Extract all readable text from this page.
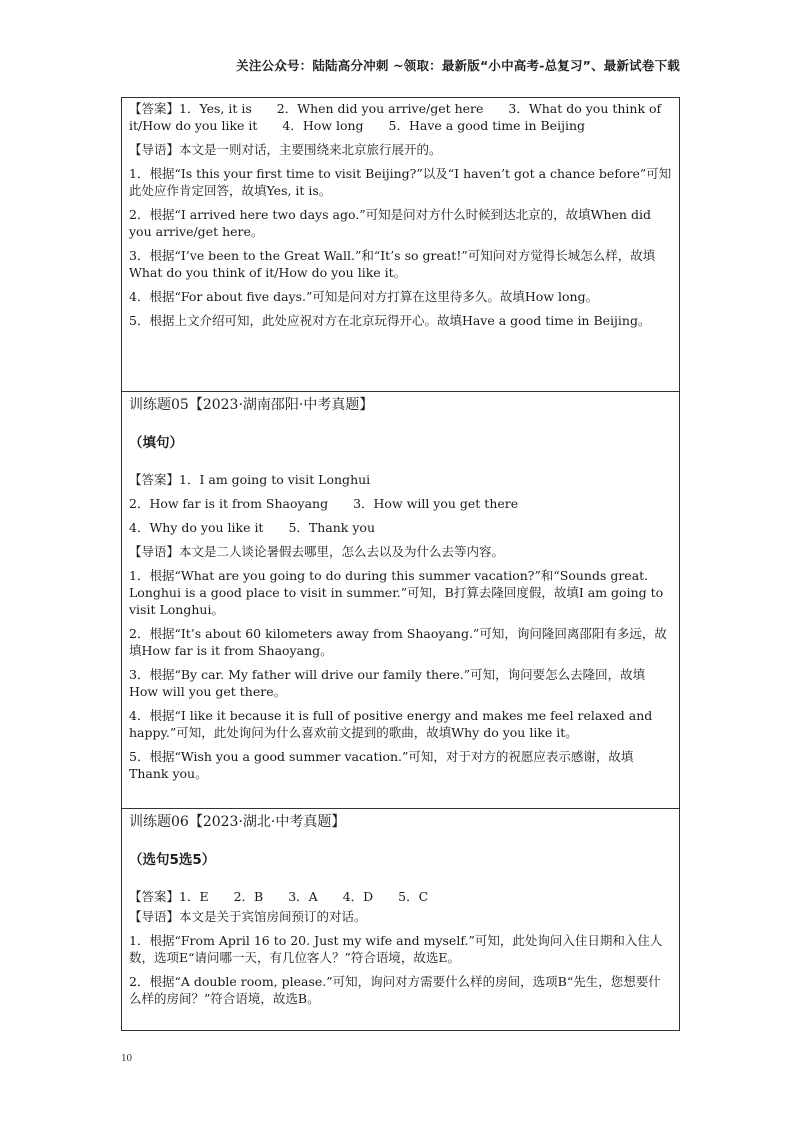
关注公众号：陆陆高分冲刺 ~领取：最新版“小中高考-总复习”、最新试卷下载

【答案】1．Yes, it is　　2．When did you arrive/get here　　3．What do you think of it/How do you like it　　4．How long　　5．Have a good time in Beijing

【导语】本文是一则对话，主要围绕来北京旅行展开的。

1．根据“Is this your first time to visit Beijing?”以及“I haven’t got a chance before”可知此处应作肯定回答，故填Yes, it is。

2．根据“I arrived here two days ago.”可知是问对方什么时候到达北京的，故填When did you arrive/get here。

3．根据“I’ve been to the Great Wall.”和“It’s so great!”可知问对方觉得长城怎么样，故填What do you think of it/How do you like it。

4．根据“For about five days.”可知是问对方打算在这里待多久。故填How long。

5．根据上文介绍可知，此处应祝对方在北京玩得开心。故填Have a good time in Beijing。

训练题05【2023·湖南邵阳·中考真题】

（填句）

【答案】1．I am going to visit Longhui

2．How far is it from Shaoyang　　3．How will you get there

4．Why do you like it　　5．Thank you

【导语】本文是二人谈论暑假去哪里，怎么去以及为什么去等内容。

1．根据“What are you going to do during this summer vacation?”和“Sounds great. Longhui is a good place to visit in summer.”可知，B打算去隆回度假，故填I am going to visit Longhui。

2．根据“It’s about 60 kilometers away from Shaoyang.”可知，询问隆回离邵阳有多远，故填How far is it from Shaoyang。

3．根据“By car. My father will drive our family there.”可知，询问要怎么去隆回，故填How will you get there。

4．根据“I like it because it is full of positive energy and makes me feel relaxed and happy.”可知，此处询问为什么喜欢前文提到的歌曲，故填Why do you like it。

5．根据“Wish you a good summer vacation.”可知，对于对方的祝愿应表示感谢，故填Thank you。

训练题06【2023·湖北·中考真题】

（选句5选5）

【答案】1．E　　2．B　　3．A　　4．D　　5．C

【导语】本文是关于宾馆房间预订的对话。

1．根据“From April 16 to 20. Just my wife and myself.”可知，此处询问入住日期和入住人数，选项E“请问哪一天，有几位客人？”符合语境，故选E。

2．根据“A double room, please.”可知，询问对方需要什么样的房间，选项B“先生，您想要什么样的房间？”符合语境，故选B。

10
